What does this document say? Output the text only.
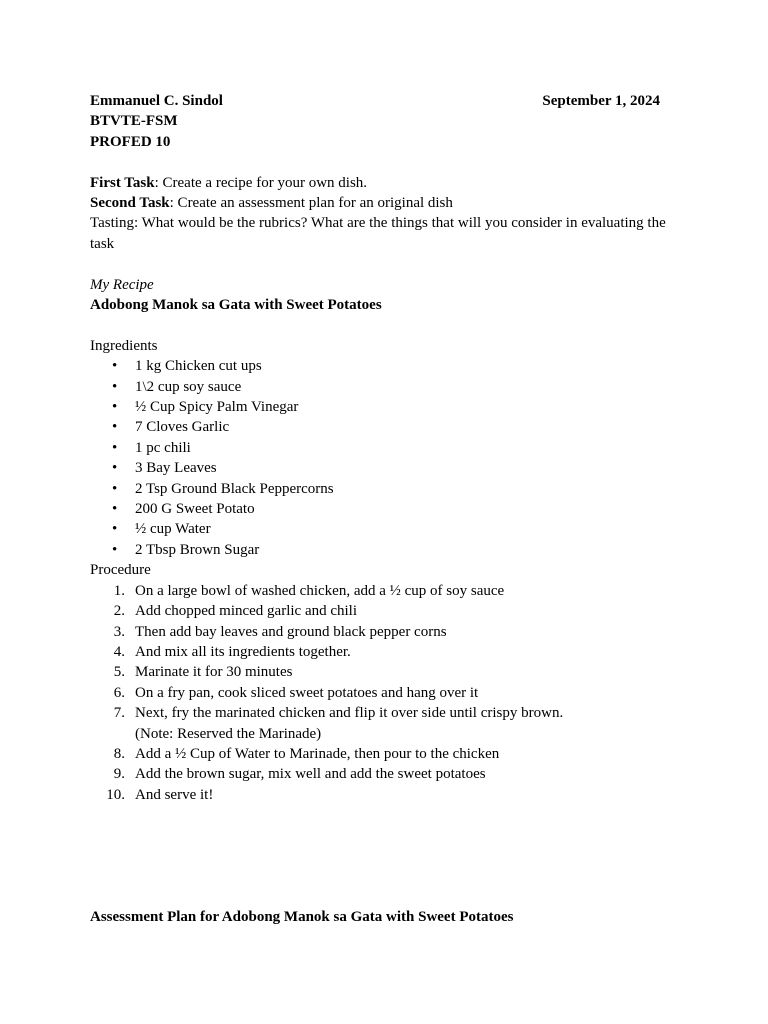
Emmanuel C. Sindol	September 1, 2024
BTVTE-FSM
PROFED 10
First Task: Create a recipe for your own dish.
Second Task: Create an assessment plan for an original dish
Tasting: What would be the rubrics? What are the things that will you consider in evaluating the task
My Recipe
Adobong Manok sa Gata with Sweet Potatoes
Ingredients
• 1 kg Chicken cut ups
• 1\2 cup soy sauce
• ½ Cup Spicy Palm Vinegar
• 7 Cloves Garlic
• 1 pc chili
• 3 Bay Leaves
• 2 Tsp Ground Black Peppercorns
• 200 G Sweet Potato
• ½ cup Water
• 2 Tbsp Brown Sugar
Procedure
1. On a large bowl of washed chicken, add a ½ cup of soy sauce
2. Add chopped minced garlic and chili
3. Then add bay leaves and ground black pepper corns
4. And mix all its ingredients together.
5. Marinate it for 30 minutes
6. On a fry pan, cook sliced sweet potatoes and hang over it
7. Next, fry the marinated chicken and flip it over side until crispy brown.
(Note: Reserved the Marinade)
8. Add a ½ Cup of Water to Marinade, then pour to the chicken
9. Add the brown sugar, mix well and add the sweet potatoes
10. And serve it!
Assessment Plan for Adobong Manok sa Gata with Sweet Potatoes
